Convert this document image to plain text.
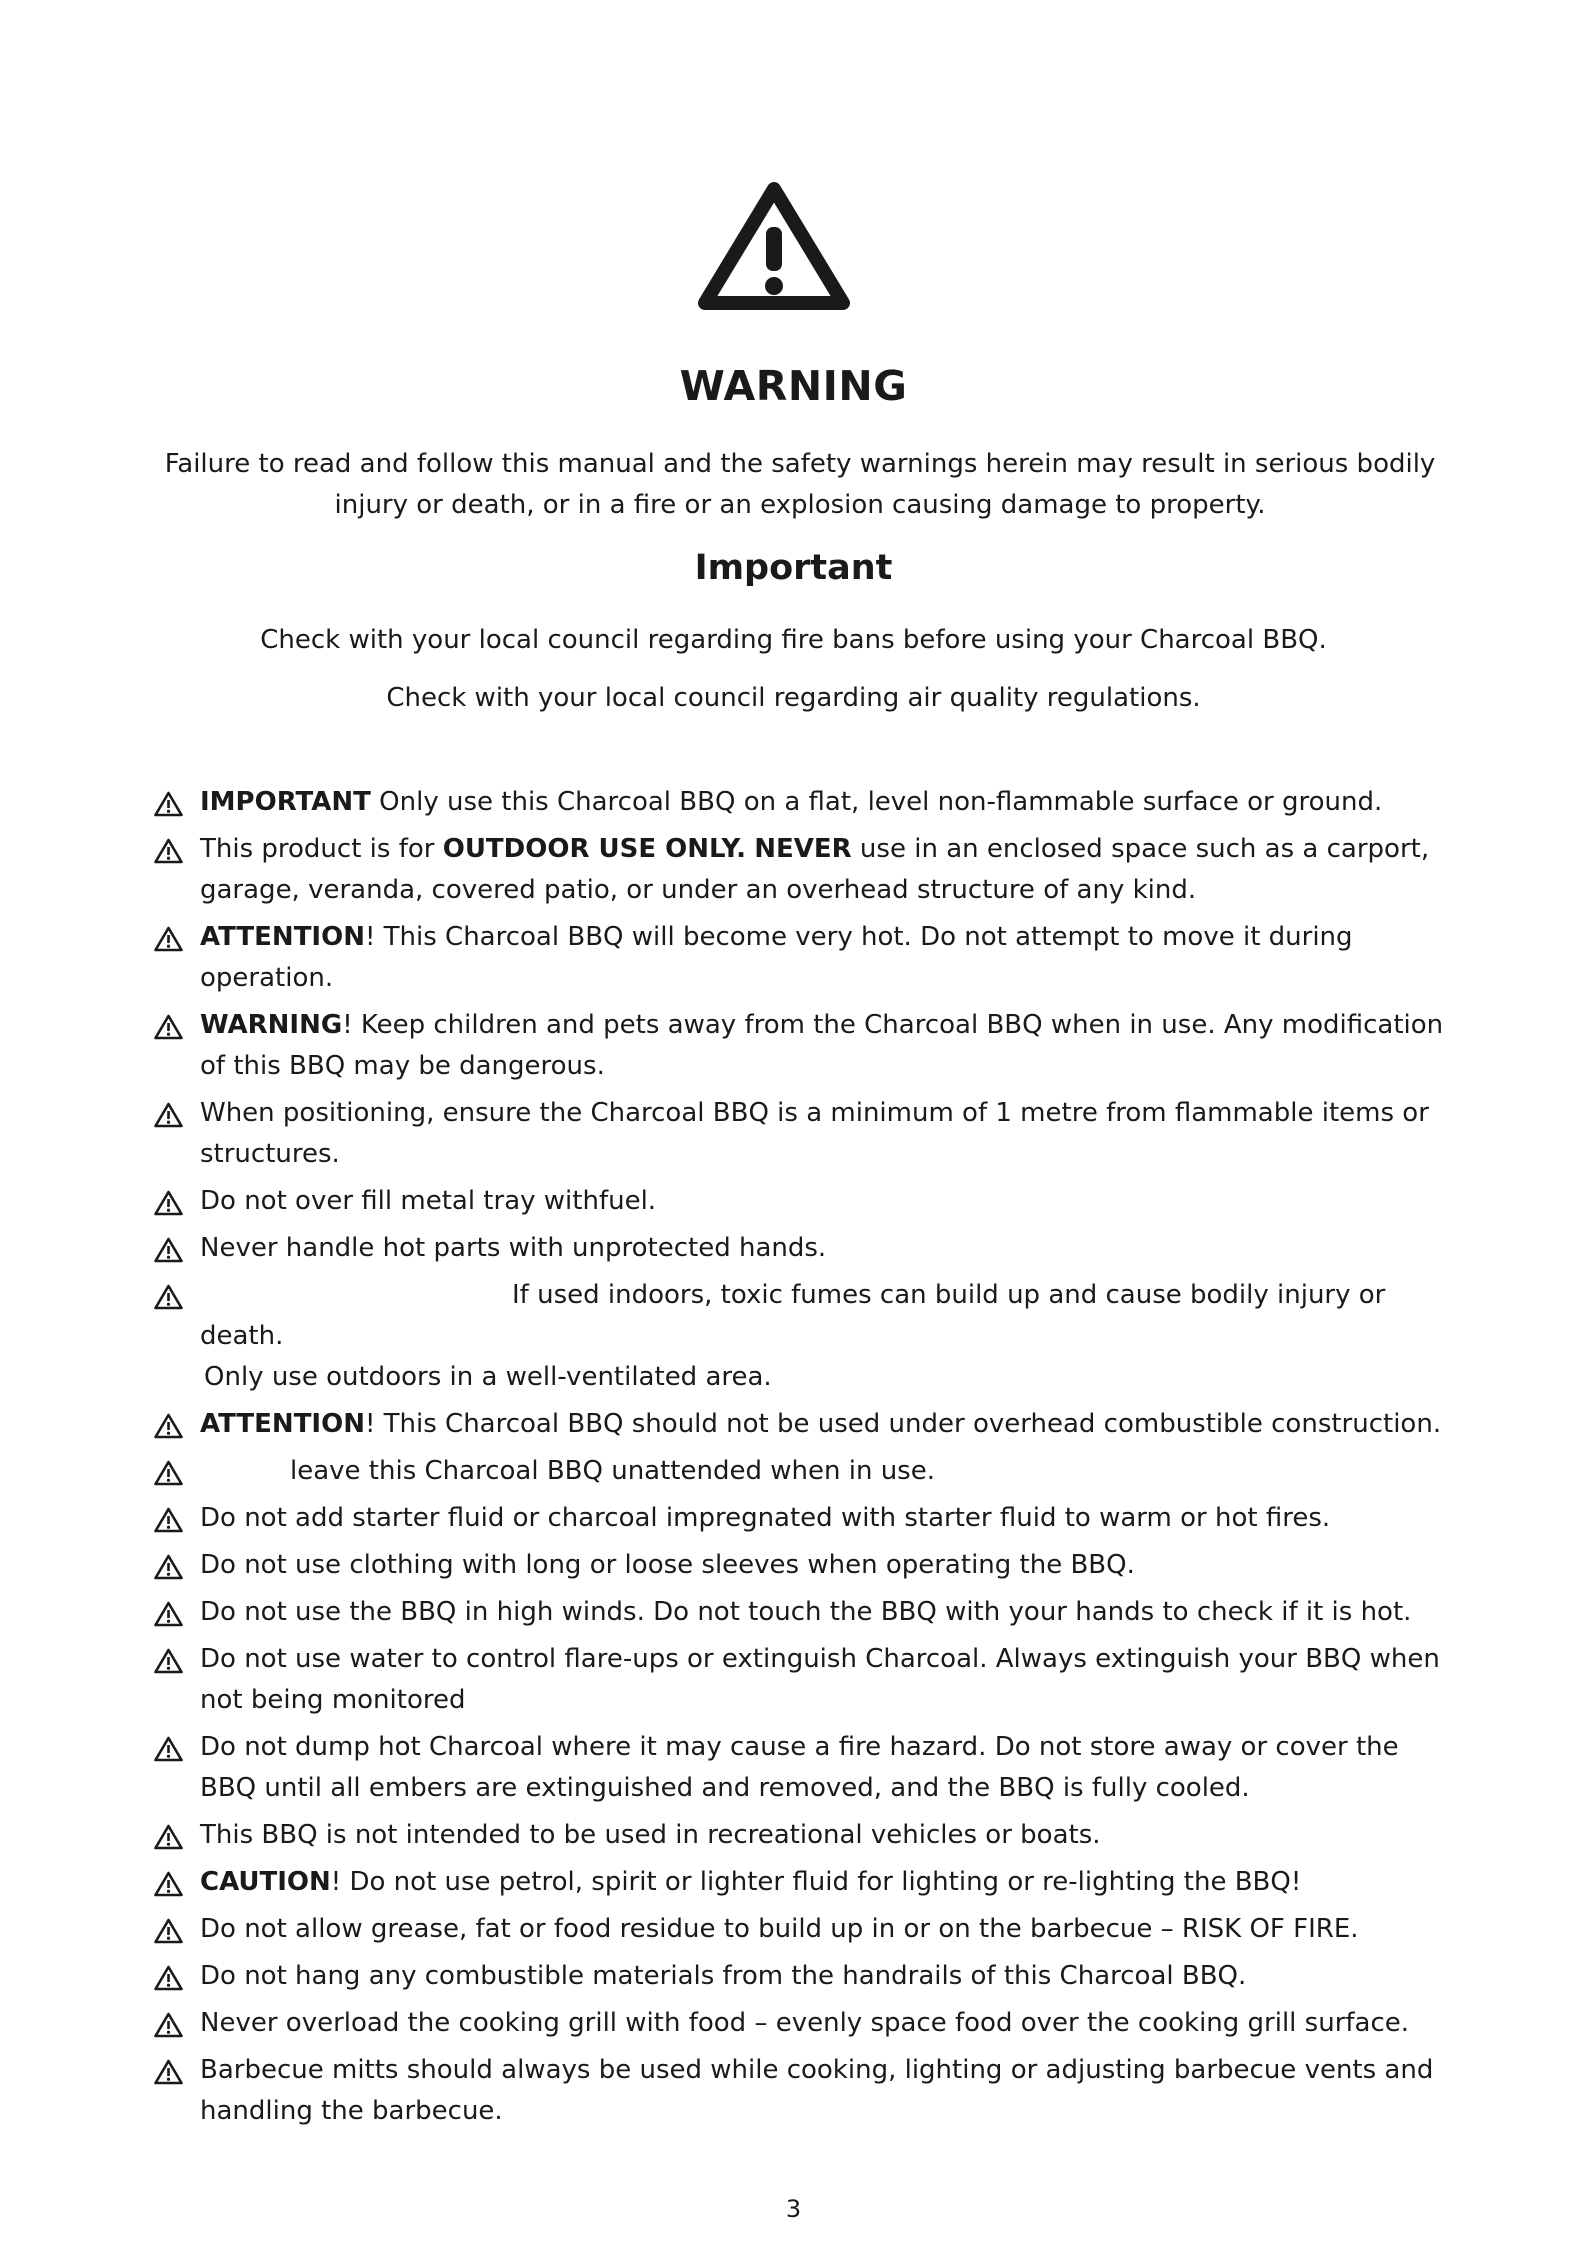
WARNING
Failure to read and follow this manual and the safety warnings herein may result in serious bodily injury or death, or in a fire or an explosion causing damage to property.
Important
Check with your local council regarding fire bans before using your Charcoal BBQ.
Check with your local council regarding air quality regulations.
IMPORTANT Only use this Charcoal BBQ on a flat, level non-flammable surface or ground.
This product is for OUTDOOR USE ONLY. NEVER use in an enclosed space such as a carport, garage, veranda, covered patio, or under an overhead structure of any kind.
ATTENTION! This Charcoal BBQ will become very hot. Do not attempt to move it during operation.
WARNING! Keep children and pets away from the Charcoal BBQ when in use. Any modification of this BBQ may be dangerous.
When positioning, ensure the Charcoal BBQ is a minimum of 1 metre from flammable items or structures.
Do not over fill metal tray withfuel.
Never handle hot parts with unprotected hands.
If used indoors, toxic fumes can build up and cause bodily injury or death.
Only use outdoors in a well-ventilated area.
ATTENTION! This Charcoal BBQ should not be used under overhead combustible construction.
leave this Charcoal BBQ unattended when in use.
Do not add starter fluid or charcoal impregnated with starter fluid to warm or hot fires.
Do not use clothing with long or loose sleeves when operating the BBQ.
Do not use the BBQ in high winds. Do not touch the BBQ with your hands to check if it is hot.
Do not use water to control flare-ups or extinguish Charcoal. Always extinguish your BBQ when not being monitored
Do not dump hot Charcoal where it may cause a fire hazard. Do not store away or cover the BBQ until all embers are extinguished and removed, and the BBQ is fully cooled.
This BBQ is not intended to be used in recreational vehicles or boats.
CAUTION! Do not use petrol, spirit or lighter fluid for lighting or re-lighting the BBQ!
Do not allow grease, fat or food residue to build up in or on the barbecue – RISK OF FIRE.
Do not hang any combustible materials from the handrails of this Charcoal BBQ.
Never overload the cooking grill with food – evenly space food over the cooking grill surface.
Barbecue mitts should always be used while cooking, lighting or adjusting barbecue vents and handling the barbecue.
3
